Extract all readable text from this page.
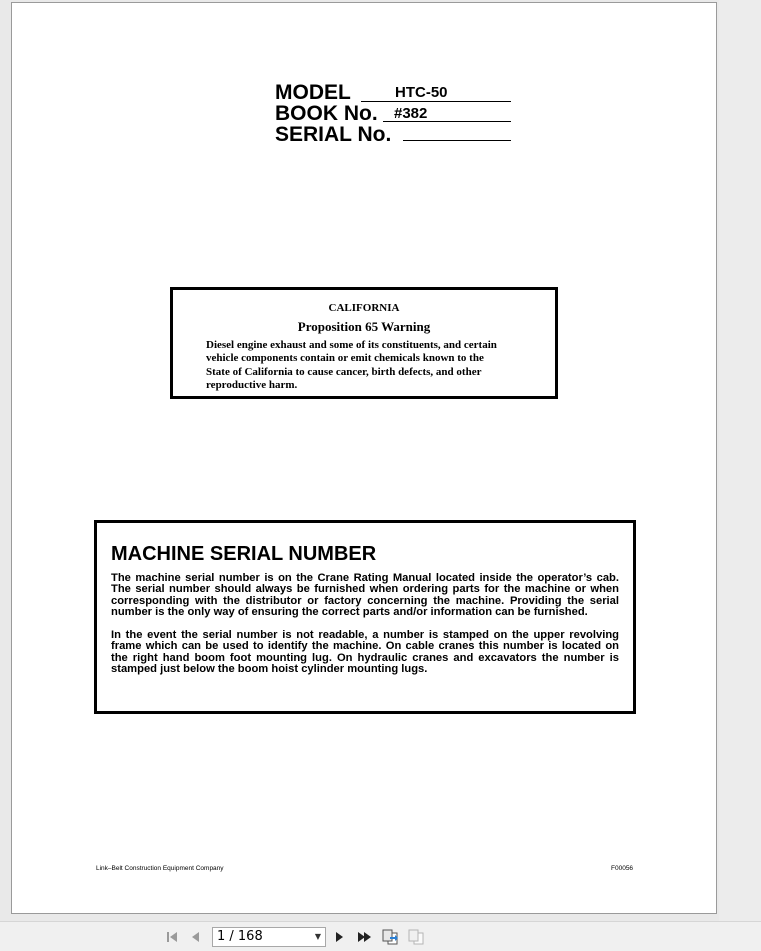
MODEL	HTC-50
BOOK No. #382
SERIAL No.
CALIFORNIA
Proposition 65 Warning
Diesel engine exhaust and some of its constituents, and certain
vehicle components contain or emit chemicals known to the
State of California to cause cancer, birth defects, and other
reproductive harm.
MACHINE SERIAL NUMBER
The machine serial number is on the Crane Rating Manual located inside the operator’s cab. The serial number should always be furnished when ordering parts for the machine or when corresponding with the distributor or factory concerning the machine. Providing the serial number is the only way of ensuring the correct parts and/or information can be furnished.
In the event the serial number is not readable, a number is stamped on the upper revolving frame which can be used to identify the machine. On cable cranes this number is located on the right hand boom foot mounting lug. On hydraulic cranes and excavators the number is stamped just below the boom hoist cylinder mounting lugs.
Link–Belt Construction Equipment Company	F00056
1 / 168	▼
